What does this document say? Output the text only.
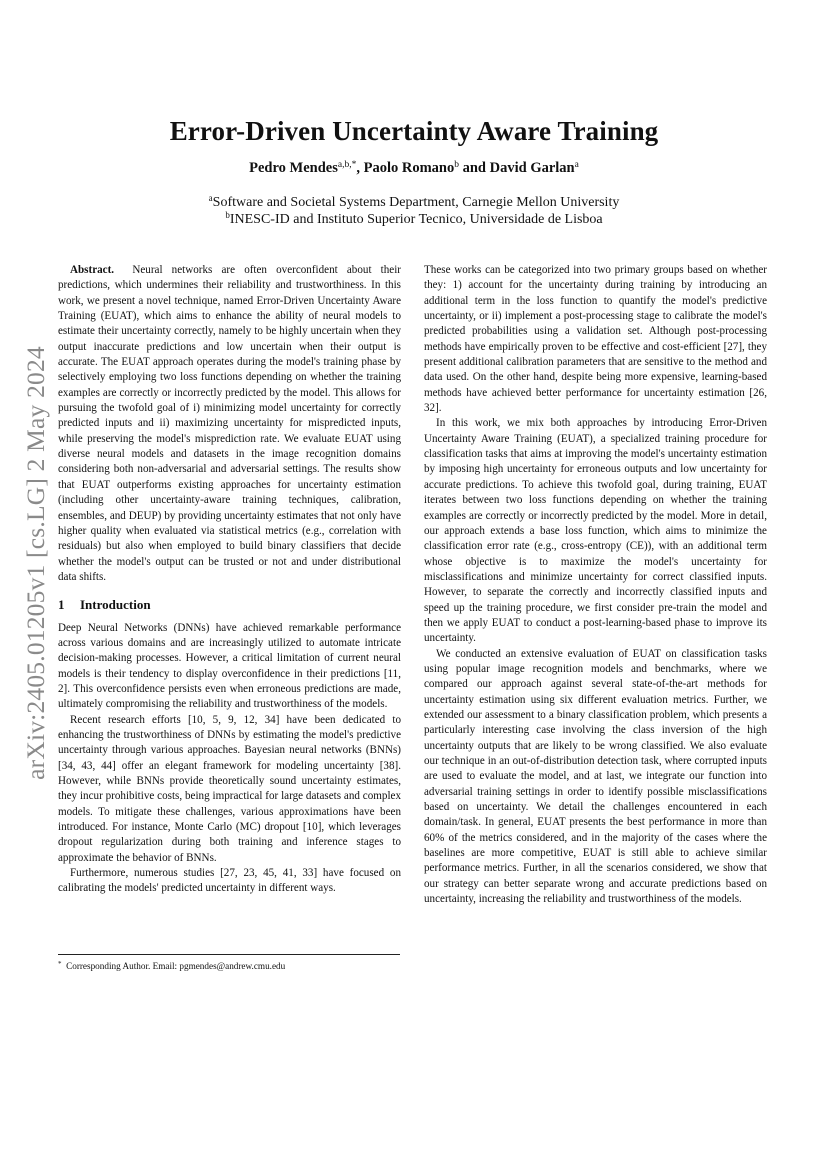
arXiv:2405.01205v1 [cs.LG] 2 May 2024
Error-Driven Uncertainty Aware Training
Pedro Mendes$^{a,b,*}$, Paolo Romano$^b$ and David Garlan$^a$
$^a$Software and Societal Systems Department, Carnegie Mellon University
$^b$INESC-ID and Instituto Superior Tecnico, Universidade de Lisboa

Abstract. Neural networks are often overconfident about their predictions, which undermines their reliability and trustworthiness. In this work, we present a novel technique, named Error-Driven Uncertainty Aware Training (EUAT), which aims to enhance the ability of neural models to estimate their uncertainty correctly, namely to be highly uncertain when they output inaccurate predictions and low uncertain when their output is accurate. The EUAT approach operates during the model's training phase by selectively employing two loss functions depending on whether the training examples are correctly or incorrectly predicted by the model. This allows for pursuing the twofold goal of i) minimizing model uncertainty for correctly predicted inputs and ii) maximizing uncertainty for mispredicted inputs, while preserving the model's misprediction rate. We evaluate EUAT using diverse neural models and datasets in the image recognition domains considering both non-adversarial and adversarial settings. The results show that EUAT outperforms existing approaches for uncertainty estimation (including other uncertainty-aware training techniques, calibration, ensembles, and DEUP) by providing uncertainty estimates that not only have higher quality when evaluated via statistical metrics (e.g., correlation with residuals) but also when employed to build binary classifiers that decide whether the model's output can be trusted or not and under distributional data shifts.

1 Introduction

Deep Neural Networks (DNNs) have achieved remarkable performance across various domains and are increasingly utilized to automate intricate decision-making processes. However, a critical limitation of current neural models is their tendency to display overconfidence in their predictions [11, 2]. This overconfidence persists even when erroneous predictions are made, ultimately compromising the reliability and trustworthiness of the models.

Recent research efforts [10, 5, 9, 12, 34] have been dedicated to enhancing the trustworthiness of DNNs by estimating the model's predictive uncertainty through various approaches. Bayesian neural networks (BNNs) [34, 43, 44] offer an elegant framework for modeling uncertainty [38]. However, while BNNs provide theoretically sound uncertainty estimates, they incur prohibitive costs, being impractical for large datasets and complex models. To mitigate these challenges, various approximations have been introduced. For instance, Monte Carlo (MC) dropout [10], which leverages dropout regularization during both training and inference stages to approximate the behavior of BNNs.

Furthermore, numerous studies [27, 23, 45, 41, 33] have focused on calibrating the models' predicted uncertainty in different ways.

These works can be categorized into two primary groups based on whether they: 1) account for the uncertainty during training by introducing an additional term in the loss function to quantify the model's predictive uncertainty, or ii) implement a post-processing stage to calibrate the model's predicted probabilities using a validation set. Although post-processing methods have empirically proven to be effective and cost-efficient [27], they present additional calibration parameters that are sensitive to the method and data used. On the other hand, despite being more expensive, learning-based methods have achieved better performance for uncertainty estimation [26, 32].

In this work, we mix both approaches by introducing Error-Driven Uncertainty Aware Training (EUAT), a specialized training procedure for classification tasks that aims at improving the model's uncertainty estimation by imposing high uncertainty for erroneous outputs and low uncertainty for accurate predictions. To achieve this twofold goal, during training, EUAT iterates between two loss functions depending on whether the training examples are correctly or incorrectly predicted by the model. More in detail, our approach extends a base loss function, which aims to minimize the classification error rate (e.g., cross-entropy (CE)), with an additional term whose objective is to maximize the model's uncertainty for misclassifications and minimize uncertainty for correct classified inputs. However, to separate the correctly and incorrectly classified inputs and speed up the training procedure, we first consider pre-train the model and then we apply EUAT to conduct a post-learning-based phase to improve its uncertainty.

We conducted an extensive evaluation of EUAT on classification tasks using popular image recognition models and benchmarks, where we compared our approach against several state-of-the-art methods for uncertainty estimation using six different evaluation metrics. Further, we extended our assessment to a binary classification problem, which presents a particularly interesting case involving the class inversion of the high uncertainty outputs that are likely to be wrong classified. We also evaluate our technique in an out-of-distribution detection task, where corrupted inputs are used to evaluate the model, and at last, we integrate our function into adversarial training settings in order to identify possible misclassifications based on uncertainty. We detail the challenges encountered in each domain/task. In general, EUAT presents the best performance in more than 60% of the metrics considered, and in the majority of the cases where the baselines are more competitive, EUAT is still able to achieve similar performance metrics. Further, in all the scenarios considered, we show that our strategy can better separate wrong and accurate predictions based on uncertainty, increasing the reliability and trustworthiness of the models.

* Corresponding Author. Email: pgmendes@andrew.cmu.edu
